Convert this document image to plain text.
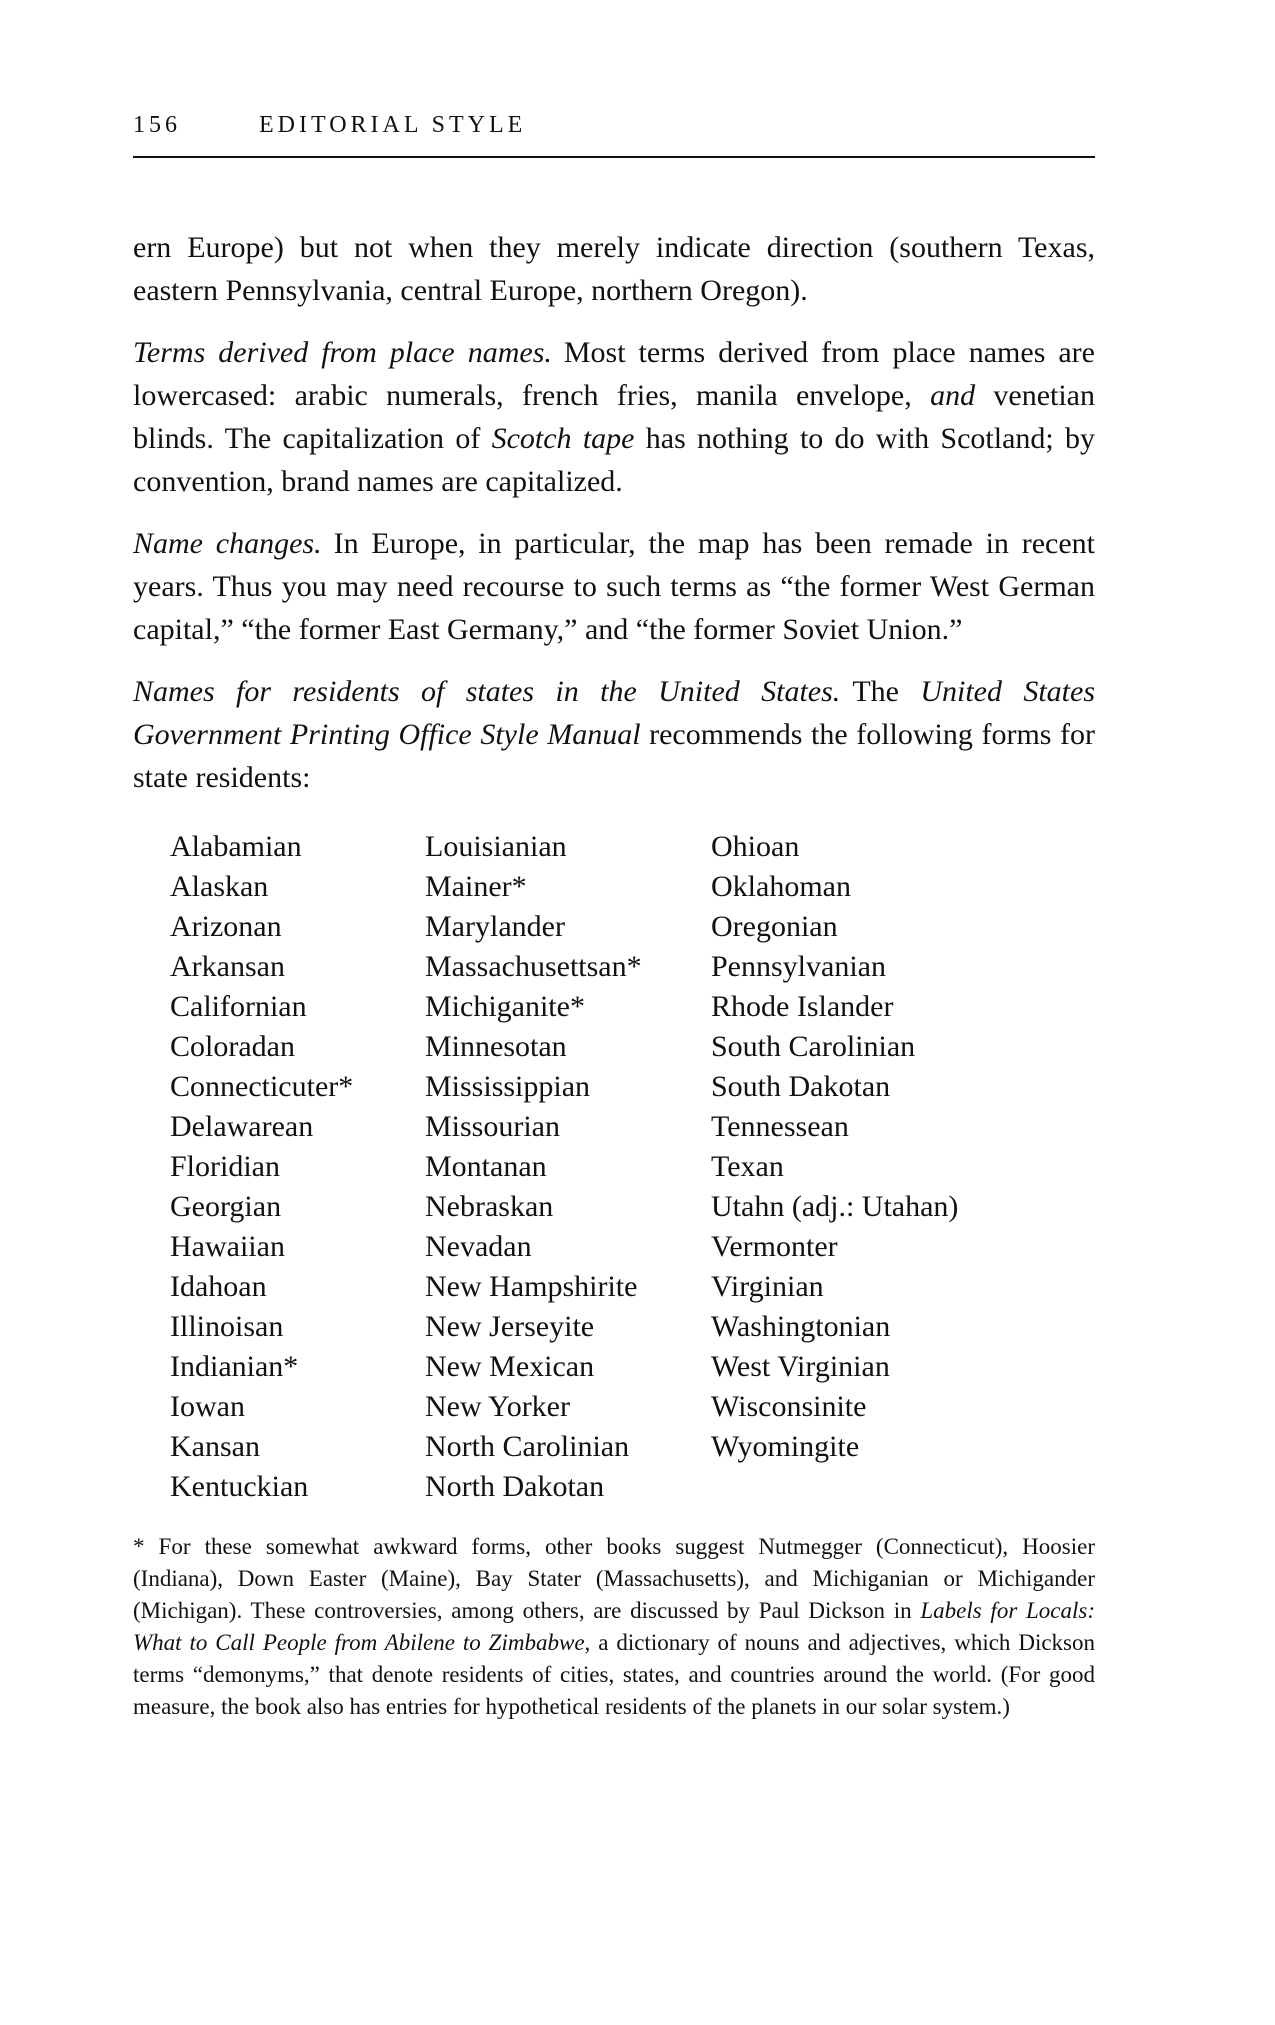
156	EDITORIAL STYLE

ern Europe) but not when they merely indicate direction (southern Texas, eastern Pennsylvania, central Europe, northern Oregon).

Terms derived from place names. Most terms derived from place names are lowercased: arabic numerals, french fries, manila envelope, and venetian blinds. The capitalization of Scotch tape has nothing to do with Scotland; by convention, brand names are capitalized.

Name changes. In Europe, in particular, the map has been remade in recent years. Thus you may need recourse to such terms as “the former West German capital,” “the former East Germany,” and “the former Soviet Union.”

Names for residents of states in the United States. The United States Government Printing Office Style Manual recommends the following forms for state residents:

Alabamian
Alaskan
Arizonan
Arkansan
Californian
Coloradan
Connecticuter*
Delawarean
Floridian
Georgian
Hawaiian
Idahoan
Illinoisan
Indianian*
Iowan
Kansan
Kentuckian
Louisianian
Mainer*
Marylander
Massachusettsan*
Michiganite*
Minnesotan
Mississippian
Missourian
Montanan
Nebraskan
Nevadan
New Hampshirite
New Jerseyite
New Mexican
New Yorker
North Carolinian
North Dakotan
Ohioan
Oklahoman
Oregonian
Pennsylvanian
Rhode Islander
South Carolinian
South Dakotan
Tennessean
Texan
Utahn (adj.: Utahan)
Vermonter
Virginian
Washingtonian
West Virginian
Wisconsinite
Wyomingite
* For these somewhat awkward forms, other books suggest Nutmegger (Connecticut), Hoosier (Indiana), Down Easter (Maine), Bay Stater (Massachusetts), and Michiganian or Michigander (Michigan). These controversies, among others, are discussed by Paul Dickson in Labels for Locals: What to Call People from Abilene to Zimbabwe, a dictionary of nouns and adjectives, which Dickson terms “demonyms,” that denote residents of cities, states, and countries around the world. (For good measure, the book also has entries for hypothetical residents of the planets in our solar system.)
